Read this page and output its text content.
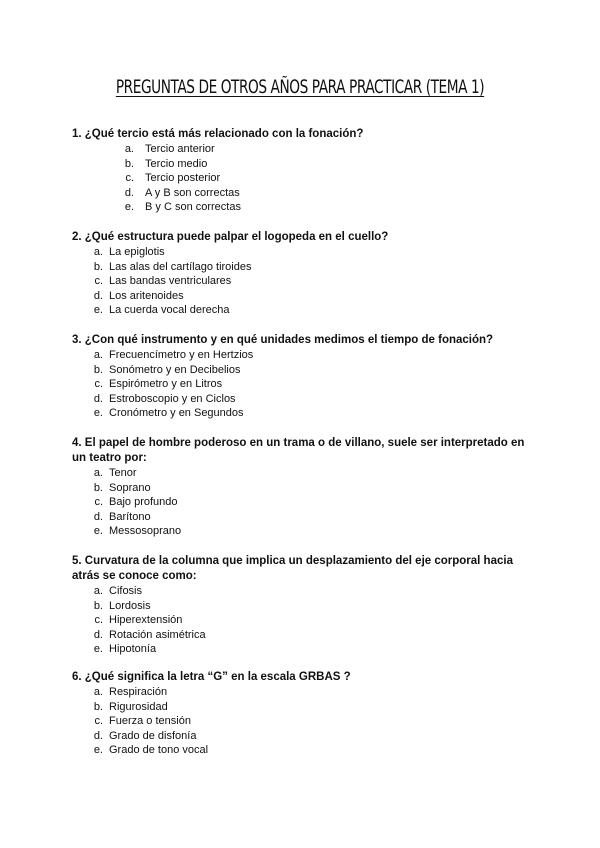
PREGUNTAS DE OTROS AÑOS PARA PRACTICAR (TEMA 1)

1. ¿Qué tercio está más relacionado con la fonación?

a. Tercio anterior
b. Tercio medio
c. Tercio posterior
d. A y B son correctas
e. B y C son correctas

2. ¿Qué estructura puede palpar el logopeda en el cuello?

a. La epiglotis
b. Las alas del cartílago tiroides
c. Las bandas ventriculares
d. Los aritenoides
e. La cuerda vocal derecha

3. ¿Con qué instrumento y en qué unidades medimos el tiempo de fonación?

a. Frecuencímetro y en Hertzios
b. Sonómetro y en Decibelios
c. Espirómetro y en Litros
d. Estroboscopio y en Ciclos
e. Cronómetro y en Segundos

4. El papel de hombre poderoso en un trama o de villano, suele ser interpretado en un teatro por:

a. Tenor
b. Soprano
c. Bajo profundo
d. Barítono
e. Messosoprano

5. Curvatura de la columna que implica un desplazamiento del eje corporal hacia atrás se conoce como:

a. Cifosis
b. Lordosis
c. Hiperextensión
d. Rotación asimétrica
e. Hipotonía

6. ¿Qué significa la letra “G” en la escala GRBAS ?

a. Respiración
b. Rigurosidad
c. Fuerza o tensión
d. Grado de disfonía
e. Grado de tono vocal
